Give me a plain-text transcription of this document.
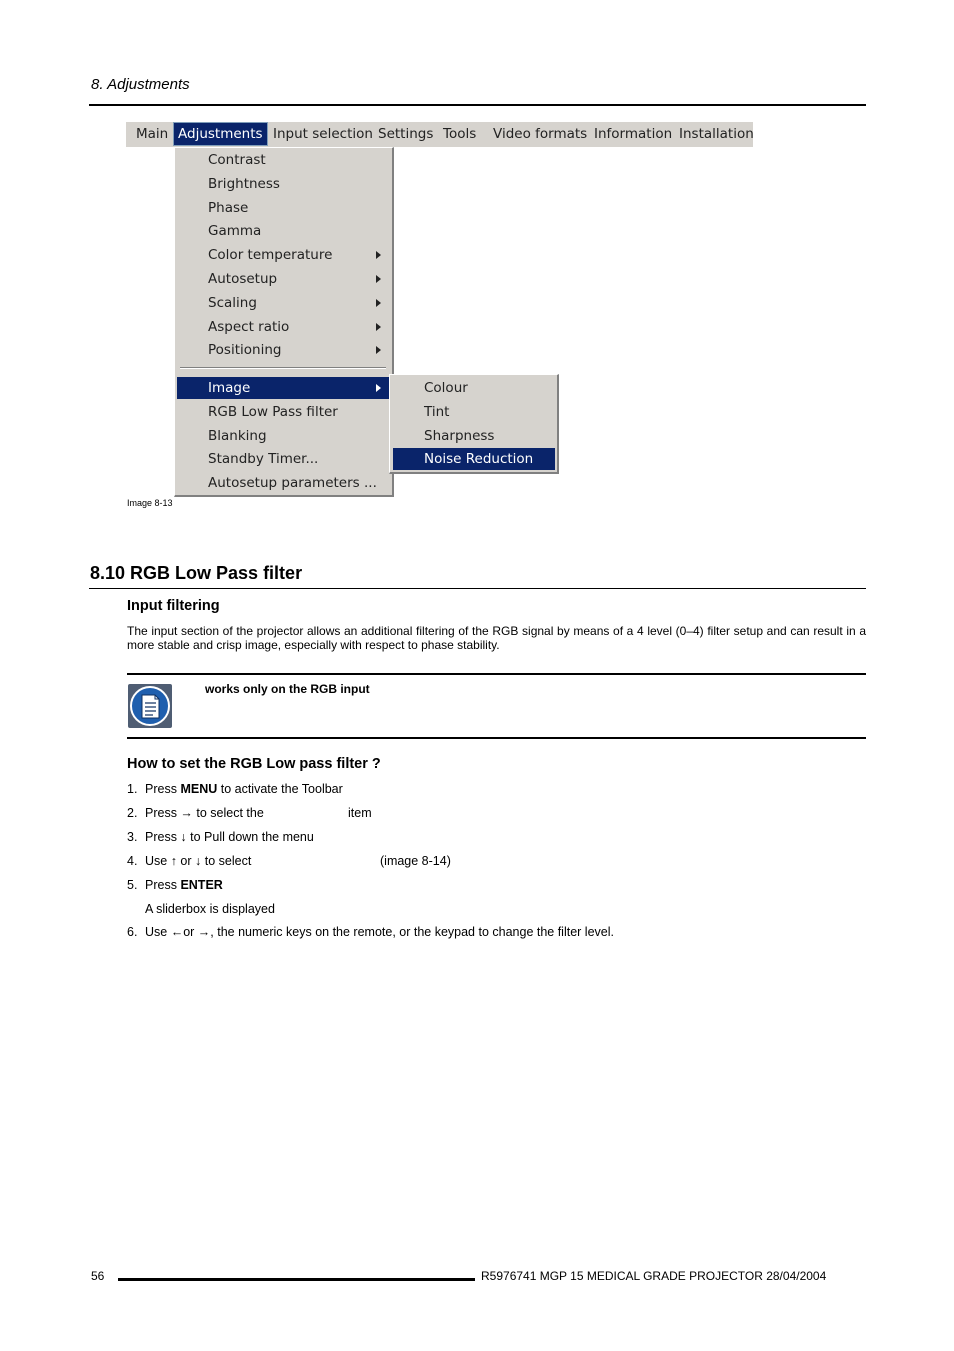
8. Adjustments
Main Adjustments Input selection Settings Tools Video formats Information Installation
Contrast
Brightness
Phase
Gamma
Color temperature
Autosetup
Scaling
Aspect ratio
Positioning
Image
RGB Low Pass filter
Blanking
Standby Timer...
Autosetup parameters ...
Colour
Tint
Sharpness
Noise Reduction
Image 8-13
8.10 RGB Low Pass filter
Input filtering
The input section of the projector allows an additional filtering of the RGB signal by means of a 4 level (0–4) filter setup and can result in a more stable and crisp image, especially with respect to phase stability.
works only on the RGB input
How to set the RGB Low pass filter ?
1. Press MENU to activate the Toolbar
2. Press → to select the	item
3. Press ↓ to Pull down the menu
4. Use ↑ or ↓ to select	(image 8-14)
5. Press ENTER
A sliderbox is displayed
6. Use ←or →, the numeric keys on the remote, or the keypad to change the filter level.
56	R5976741 MGP 15 MEDICAL GRADE PROJECTOR 28/04/2004
